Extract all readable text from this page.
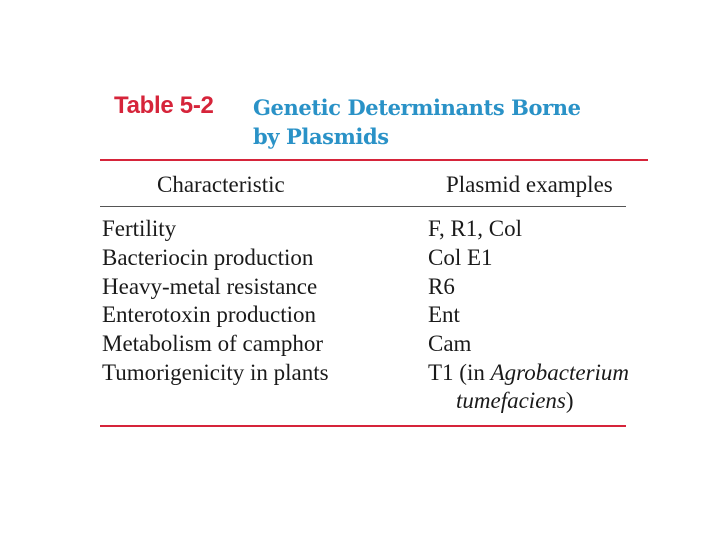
Table 5-2 Genetic Determinants Borne
by Plasmids
Characteristic	Plasmid examples
Fertility	F, R1, Col
Bacteriocin production	Col E1
Heavy-metal resistance	R6
Enterotoxin production	Ent
Metabolism of camphor	Cam
Tumorigenicity in plants	T1 (in Agrobacterium
tumefaciens)
